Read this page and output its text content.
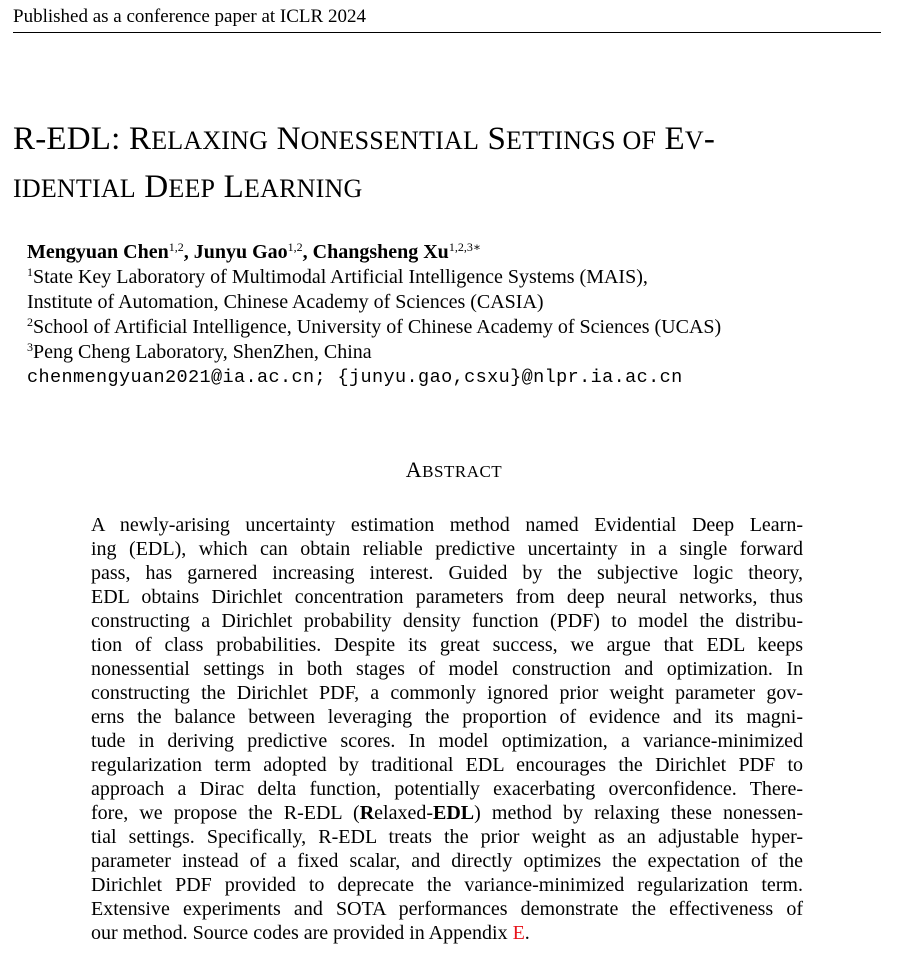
Published as a conference paper at ICLR 2024
R-EDL: RELAXING NONESSENTIAL SETTINGS OF EV-
IDENTIAL DEEP LEARNING
Mengyuan Chen$^{1,2}$, Junyu Gao$^{1,2}$, Changsheng $Xu^{1,2,3∗}$
$^1$State Key Laboratory of Multimodal Artificial Intelligence Systems (MAIS),
Institute of Automation, Chinese Academy of Sciences (CASIA)
$^2$School of Artificial Intelligence, University of Chinese Academy of Sciences (UCAS)
$^3$Peng Cheng Laboratory, ShenZhen, China
chenmengyuan2021@ia.ac.cn; {junyu.gao,csxu}@nlpr.ia.ac.cn
ABSTRACT
A newly-arising uncertainty estimation method named Evidential Deep Learn-
ing (EDL), which can obtain reliable predictive uncertainty in a single forward
pass, has garnered increasing interest. Guided by the subjective logic theory,
EDL obtains Dirichlet concentration parameters from deep neural networks, thus
constructing a Dirichlet probability density function (PDF) to model the distribu-
tion of class probabilities. Despite its great success, we argue that EDL keeps
nonessential settings in both stages of model construction and optimization. In
constructing the Dirichlet PDF, a commonly ignored prior weight parameter gov-
erns the balance between leveraging the proportion of evidence and its magni-
tude in deriving predictive scores. In model optimization, a variance-minimized
regularization term adopted by traditional EDL encourages the Dirichlet PDF to
approach a Dirac delta function, potentially exacerbating overconfidence. There-
fore, we propose the R-EDL (Relaxed-EDL) method by relaxing these nonessen-
tial settings. Specifically, R-EDL treats the prior weight as an adjustable hyper-
parameter instead of a fixed scalar, and directly optimizes the expectation of the
Dirichlet PDF provided to deprecate the variance-minimized regularization term.
Extensive experiments and SOTA performances demonstrate the effectiveness of
our method. Source codes are provided in Appendix E.
